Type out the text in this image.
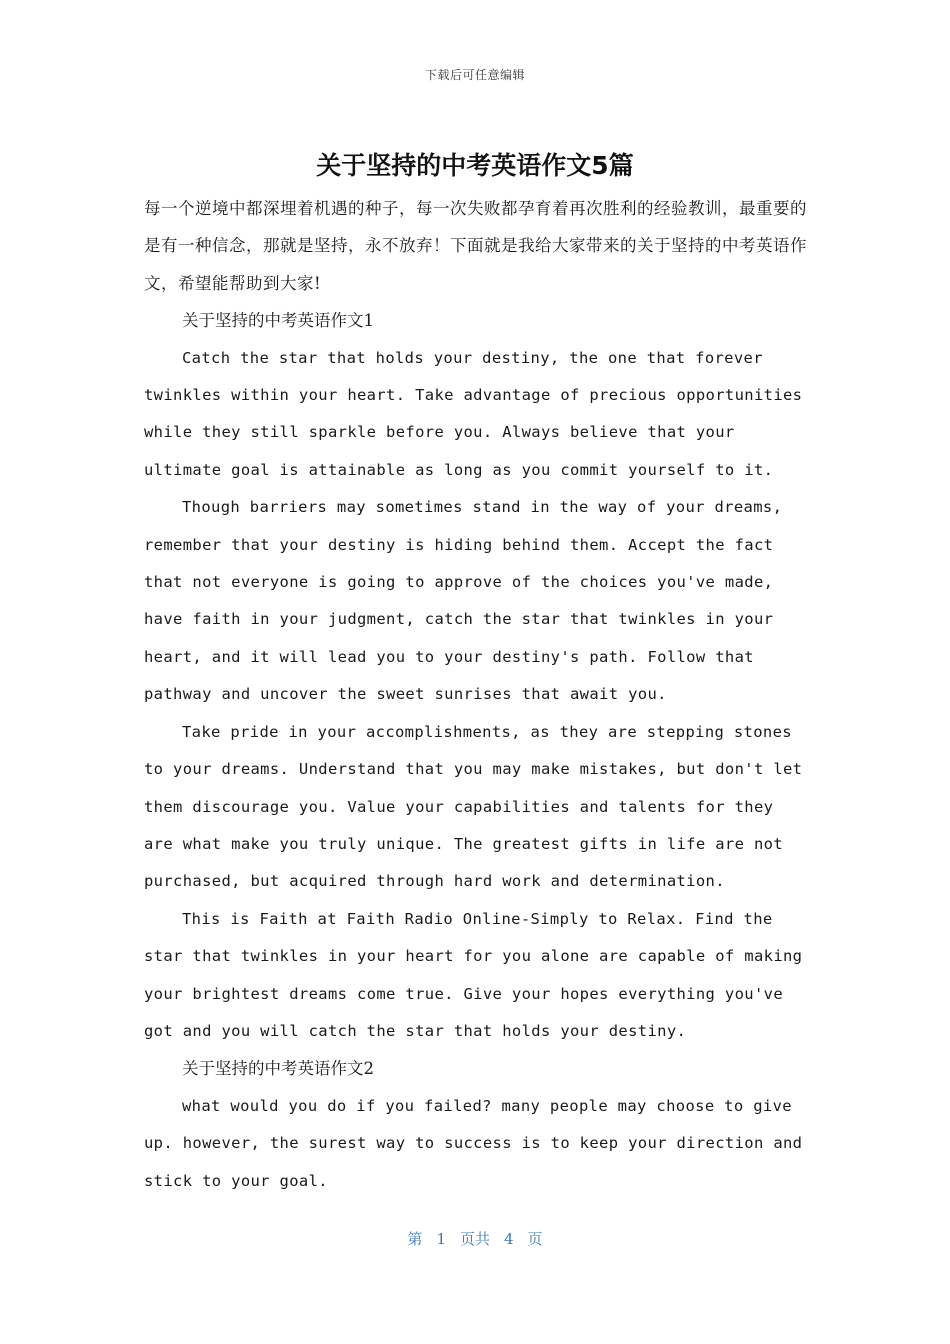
下载后可任意编辑
关于坚持的中考英语作文5篇

每一个逆境中都深埋着机遇的种子，每一次失败都孕育着再次胜利的经验教训，最重要的是有一种信念，那就是坚持，永不放弃！下面就是我给大家带来的关于坚持的中考英语作文，希望能帮助到大家!

关于坚持的中考英语作文1

Catch the star that holds your destiny, the one that forever twinkles within your heart. Take advantage of precious opportunities while they still sparkle before you. Always believe that your ultimate goal is attainable as long as you commit yourself to it.

Though barriers may sometimes stand in the way of your dreams, remember that your destiny is hiding behind them. Accept the fact that not everyone is going to approve of the choices you've made, have faith in your judgment, catch the star that twinkles in your heart, and it will lead you to your destiny's path. Follow that pathway and uncover the sweet sunrises that await you.

Take pride in your accomplishments, as they are stepping stones to your dreams. Understand that you may make mistakes, but don't let them discourage you. Value your capabilities and talents for they are what make you truly unique. The greatest gifts in life are not purchased, but acquired through hard work and determination.

This is Faith at Faith Radio Online-Simply to Relax. Find the star that twinkles in your heart for you alone are capable of making your brightest dreams come true. Give your hopes everything you've got and you will catch the star that holds your destiny.

关于坚持的中考英语作文2

what would you do if you failed? many people may choose to give up. however, the surest way to success is to keep your direction and stick to your goal.

第 1 页共 4 页
